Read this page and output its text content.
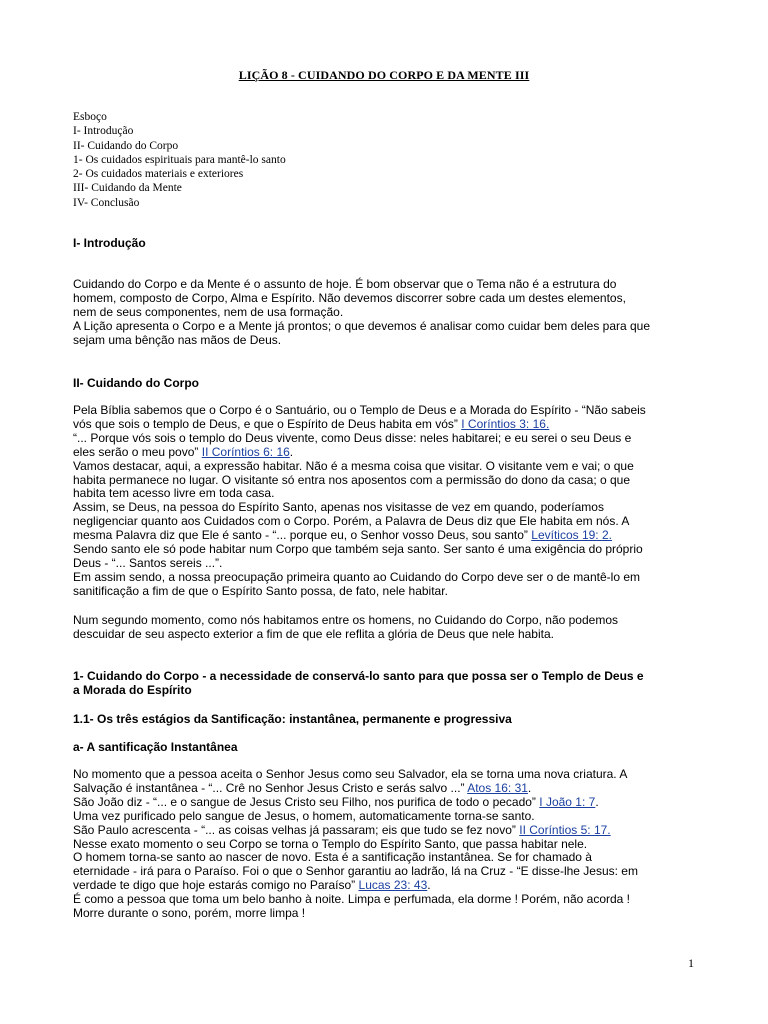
LIÇÃO 8 - CUIDANDO DO CORPO E DA MENTE III
Esboço
I- Introdução
II- Cuidando do Corpo
1- Os cuidados espirituais para mantê-lo santo
2- Os cuidados materiais e exteriores
III- Cuidando da Mente
IV- Conclusão
I- Introdução
Cuidando do Corpo e da Mente é o assunto de hoje. É bom observar que o Tema não é a estrutura do
homem, composto de Corpo, Alma e Espírito. Não devemos discorrer sobre cada um destes elementos,
nem de seus componentes, nem de usa formação.
A Lição apresenta o Corpo e a Mente já prontos; o que devemos é analisar como cuidar bem deles para que
sejam uma bênção nas mãos de Deus.
II- Cuidando do Corpo
Pela Bíblia sabemos que o Corpo é o Santuário, ou o Templo de Deus e a Morada do Espírito - “Não sabeis
vós que sois o templo de Deus, e que o Espírito de Deus habita em vós” I Coríntios 3: 16.
“... Porque vós sois o templo do Deus vivente, como Deus disse: neles habitarei; e eu serei o seu Deus e
eles serão o meu povo” II Coríntios 6: 16.
Vamos destacar, aqui, a expressão habitar. Não é a mesma coisa que visitar. O visitante vem e vai; o que
habita permanece no lugar. O visitante só entra nos aposentos com a permissão do dono da casa; o que
habita tem acesso livre em toda casa.
Assim, se Deus, na pessoa do Espírito Santo, apenas nos visitasse de vez em quando, poderíamos
negligenciar quanto aos Cuidados com o Corpo. Porém, a Palavra de Deus diz que Ele habita em nós. A
mesma Palavra diz que Ele é santo - “... porque eu, o Senhor vosso Deus, sou santo” Levíticos 19: 2.
Sendo santo ele só pode habitar num Corpo que também seja santo. Ser santo é uma exigência do próprio
Deus - “... Santos sereis ...”.
Em assim sendo, a nossa preocupação primeira quanto ao Cuidando do Corpo deve ser o de mantê-lo em
sanitificação a fim de que o Espírito Santo possa, de fato, nele habitar.
Num segundo momento, como nós habitamos entre os homens, no Cuidando do Corpo, não podemos
descuidar de seu aspecto exterior a fim de que ele reflita a glória de Deus que nele habita.
1- Cuidando do Corpo - a necessidade de conservá-lo santo para que possa ser o Templo de Deus e
a Morada do Espírito
1.1- Os três estágios da Santificação: instantânea, permanente e progressiva
a- A santificação Instantânea
No momento que a pessoa aceita o Senhor Jesus como seu Salvador, ela se torna uma nova criatura. A
Salvação é instantânea - “... Crê no Senhor Jesus Cristo e serás salvo ...” Atos 16: 31.
São João diz - “... e o sangue de Jesus Cristo seu Filho, nos purifica de todo o pecado” I João 1: 7.
Uma vez purificado pelo sangue de Jesus, o homem, automaticamente torna-se santo.
São Paulo acrescenta - “... as coisas velhas já passaram; eis que tudo se fez novo” II Coríntios 5: 17.
Nesse exato momento o seu Corpo se torna o Templo do Espírito Santo, que passa habitar nele.
O homem torna-se santo ao nascer de novo. Esta é a santificação instantânea. Se for chamado à
eternidade - irá para o Paraíso. Foi o que o Senhor garantiu ao ladrão, lá na Cruz - “E disse-lhe Jesus: em
verdade te digo que hoje estarás comigo no Paraíso” Lucas 23: 43.
É como a pessoa que toma um belo banho à noite. Limpa e perfumada, ela dorme ! Porém, não acorda !
Morre durante o sono, porém, morre limpa !
1
